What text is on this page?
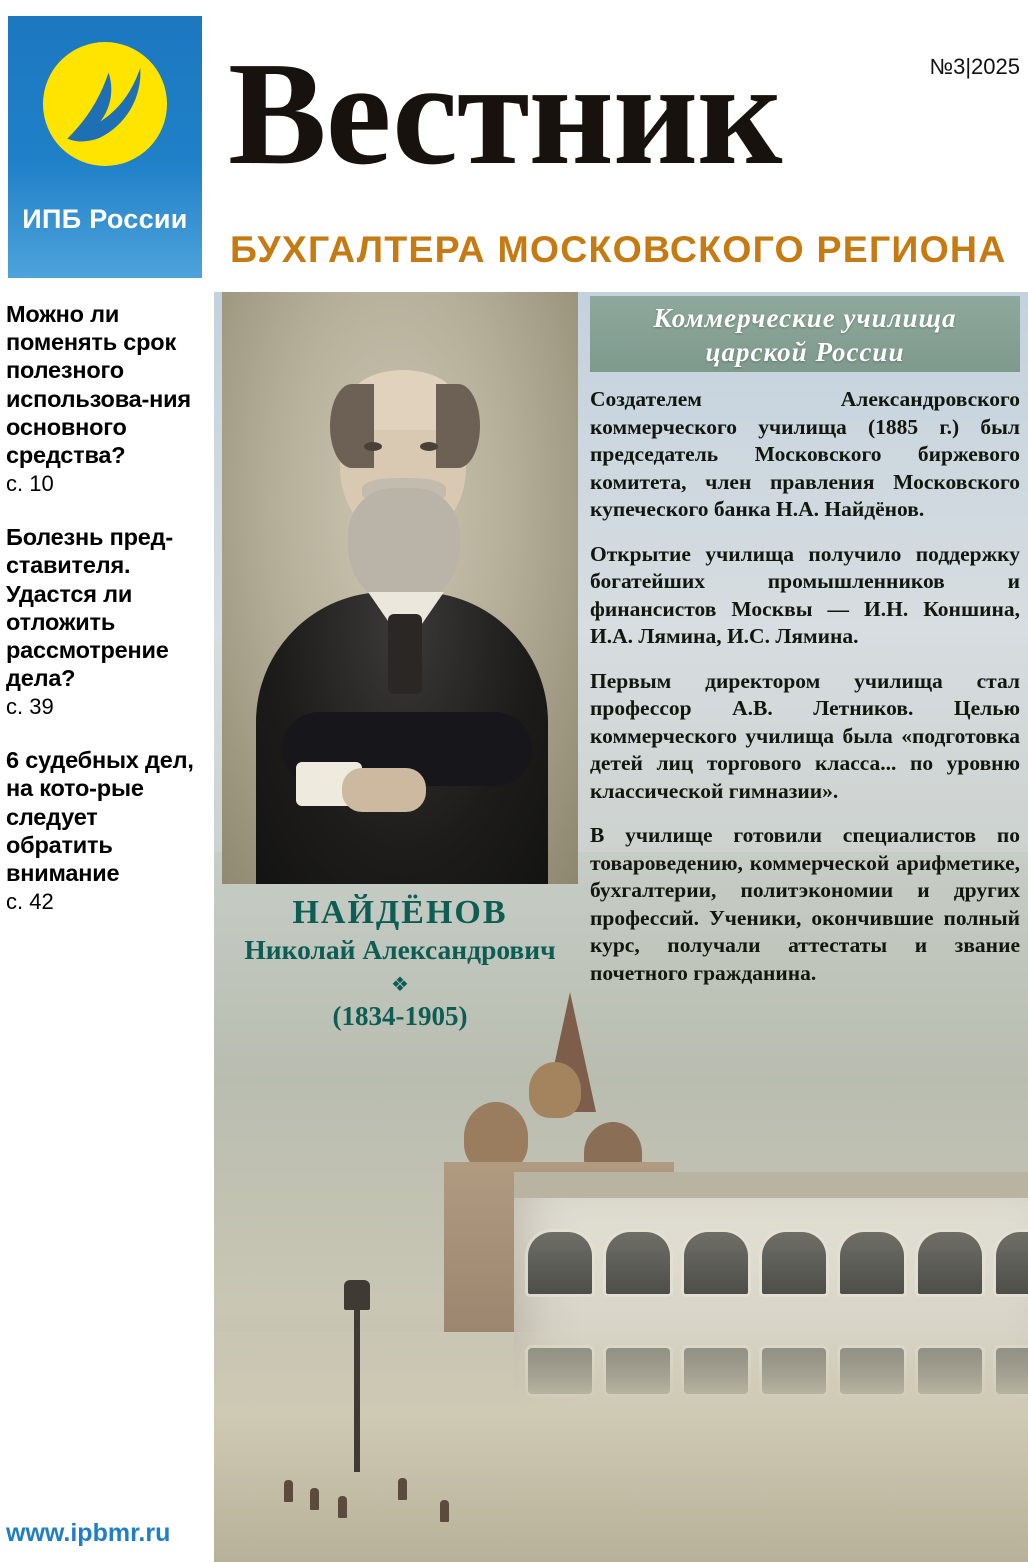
ИПБ России

Можно ли поменять срок полезного использова-ния основного средства?

с. 10

Болезнь пред-ставителя. Удастся ли отложить рассмотрение дела?

с. 39

6 судебных дел, на кото-рые следует обратить внимание

с. 42

www.ipbmr.ru
№3|2025
Вестник
БУХГАЛТЕРА МОСКОВСКОГО РЕГИОНА
НАЙДЁНОВ
Николай Александрович
❖
(1834-1905)
Коммерческие училища
царской России

Создателем Александровского коммерческого училища (1885 г.) был председатель Московского биржевого комитета, член правления Московского купеческого банка Н.А. Найдёнов.

Открытие училища получило поддержку богатейших промышленников и финансистов Москвы — И.Н. Коншина, И.А. Лямина, И.С. Лямина.

Первым директором училища стал профессор А.В. Летников. Целью коммерческого училища была «подготовка детей лиц торгового класса... по уровню классической гимназии».

В училище готовили специалистов по товароведению, коммерческой арифметике, бухгалтерии, политэкономии и других профессий. Ученики, окончившие полный курс, получали аттестаты и звание почетного гражданина.
